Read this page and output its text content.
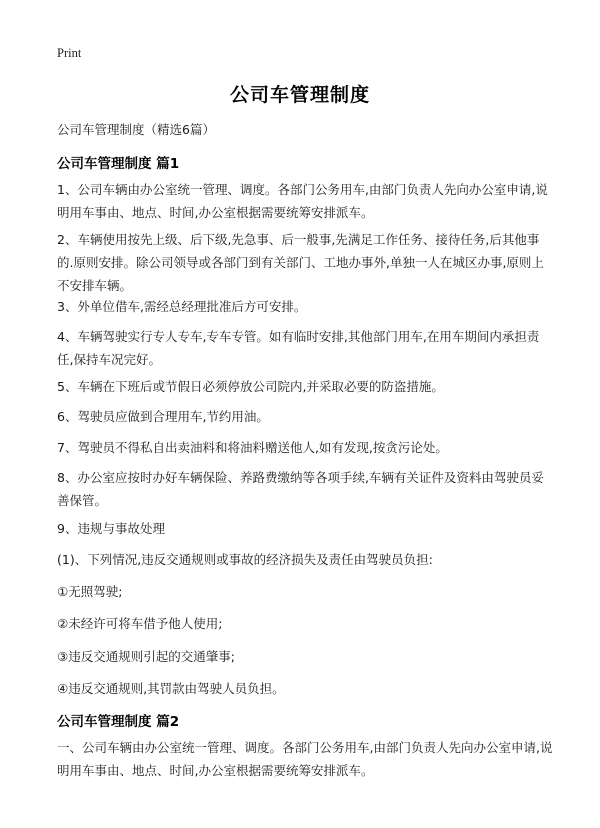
Print
公司车管理制度

公司车管理制度（精选6篇）

公司车管理制度 篇1

1、公司车辆由办公室统一管理、调度。各部门公务用车,由部门负责人先向办公室申请,说明用车事由、地点、时间,办公室根据需要统筹安排派车。

2、车辆使用按先上级、后下级,先急事、后一般事,先满足工作任务、接待任务,后其他事的.原则安排。除公司领导或各部门到有关部门、工地办事外,单独一人在城区办事,原则上不安排车辆。

3、外单位借车,需经总经理批准后方可安排。

4、车辆驾驶实行专人专车,专车专管。如有临时安排,其他部门用车,在用车期间内承担责任,保持车况完好。

5、车辆在下班后或节假日必须停放公司院内,并采取必要的防盗措施。

6、驾驶员应做到合理用车,节约用油。

7、驾驶员不得私自出卖油料和将油料赠送他人,如有发现,按贪污论处。

8、办公室应按时办好车辆保险、养路费缴纳等各项手续,车辆有关证件及资料由驾驶员妥善保管。

9、违规与事故处理

(1)、下列情况,违反交通规则或事故的经济损失及责任由驾驶员负担:

①无照驾驶;

②未经许可将车借予他人使用;

③违反交通规则引起的交通肇事;

④违反交通规则,其罚款由驾驶人员负担。

公司车管理制度 篇2

一、公司车辆由办公室统一管理、调度。各部门公务用车,由部门负责人先向办公室申请,说明用车事由、地点、时间,办公室根据需要统筹安排派车。
